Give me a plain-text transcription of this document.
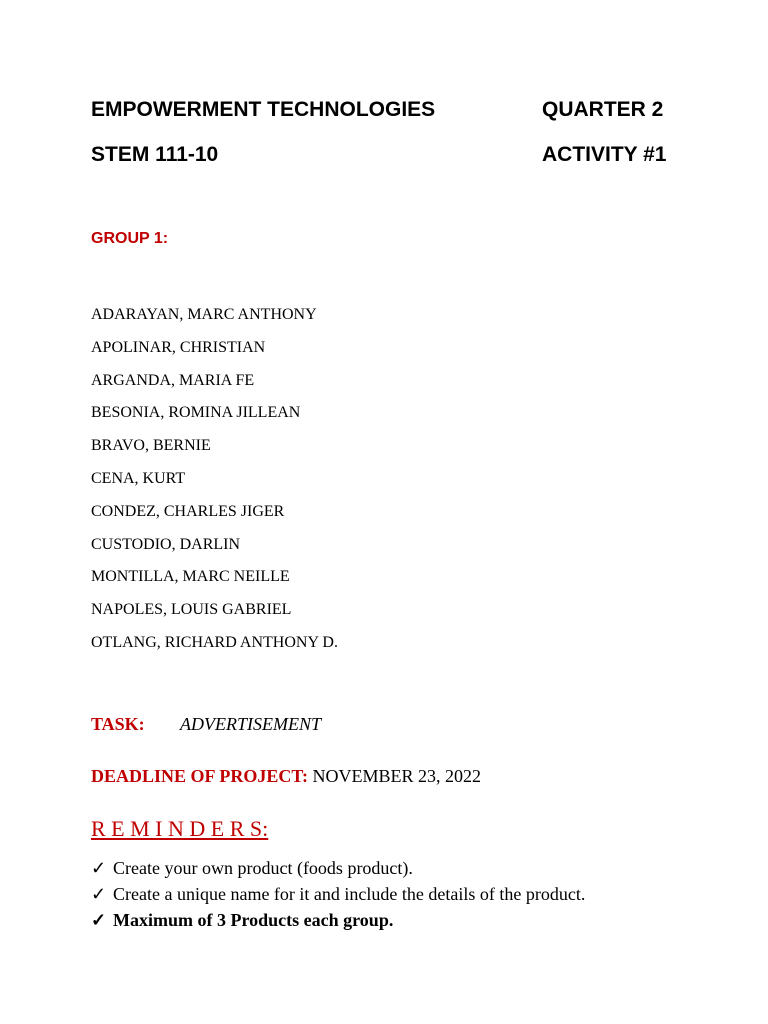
EMPOWERMENT TECHNOLOGIES	QUARTER 2
STEM 111-10	ACTIVITY #1
GROUP 1:
ADARAYAN, MARC ANTHONY
APOLINAR, CHRISTIAN
ARGANDA, MARIA FE
BESONIA, ROMINA JILLEAN
BRAVO, BERNIE
CENA, KURT
CONDEZ, CHARLES JIGER
CUSTODIO, DARLIN
MONTILLA, MARC NEILLE
NAPOLES, LOUIS GABRIEL
OTLANG, RICHARD ANTHONY D.
TASK: ADVERTISEMENT
DEADLINE OF PROJECT: NOVEMBER 23, 2022
R E M I N D E R S:
✓ Create your own product (foods product).
✓ Create a unique name for it and include the details of the product.
✓ Maximum of 3 Products each group.
